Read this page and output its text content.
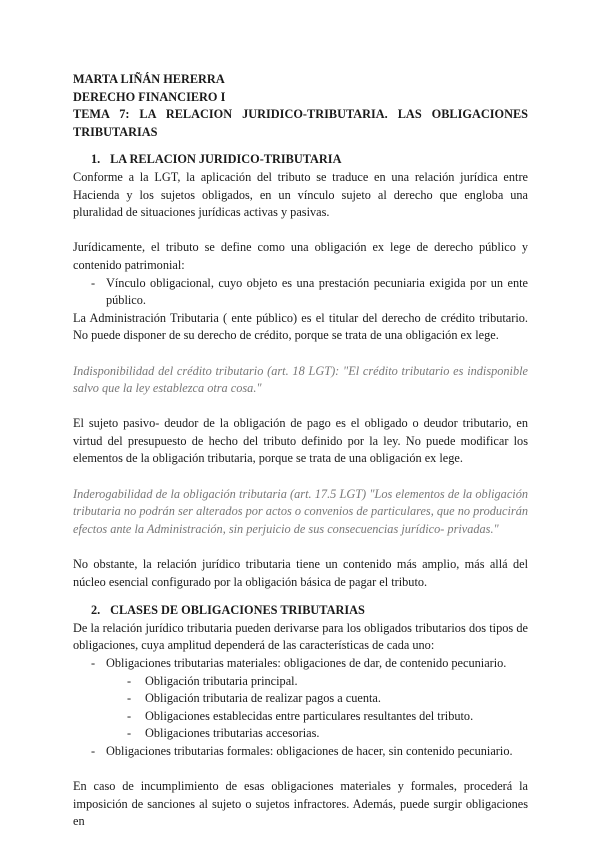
MARTA LIÑÁN HERERRA

DERECHO FINANCIERO I

TEMA 7: LA RELACION JURIDICO-TRIBUTARIA. LAS OBLIGACIONES TRIBUTARIAS

1. LA RELACION JURIDICO-TRIBUTARIA

Conforme a la LGT, la aplicación del tributo se traduce en una relación jurídica entre Hacienda y los sujetos obligados, en un vínculo sujeto al derecho que engloba una pluralidad de situaciones jurídicas activas y pasivas.

Jurídicamente, el tributo se define como una obligación ex lege de derecho público y contenido patrimonial:

- Vínculo obligacional, cuyo objeto es una prestación pecuniaria exigida por un ente público.

La Administración Tributaria ( ente público) es el titular del derecho de crédito tributario. No puede disponer de su derecho de crédito, porque se trata de una obligación ex lege.

Indisponibilidad del crédito tributario (art. 18 LGT): "El crédito tributario es indisponible salvo que la ley establezca otra cosa."

El sujeto pasivo- deudor de la obligación de pago es el obligado o deudor tributario, en virtud del presupuesto de hecho del tributo definido por la ley. No puede modificar los elementos de la obligación tributaria, porque se trata de una obligación ex lege.

Inderogabilidad de la obligación tributaria (art. 17.5 LGT) "Los elementos de la obligación tributaria no podrán ser alterados por actos o convenios de particulares, que no producirán efectos ante la Administración, sin perjuicio de sus consecuencias jurídico- privadas."

No obstante, la relación jurídico tributaria tiene un contenido más amplio, más allá del núcleo esencial configurado por la obligación básica de pagar el tributo.

2. CLASES DE OBLIGACIONES TRIBUTARIAS

De la relación jurídico tributaria pueden derivarse para los obligados tributarios dos tipos de obligaciones, cuya amplitud dependerá de las características de cada uno:

- Obligaciones tributarias materiales: obligaciones de dar, de contenido pecuniario.
- Obligación tributaria principal.
- Obligación tributaria de realizar pagos a cuenta.
- Obligaciones establecidas entre particulares resultantes del tributo.
- Obligaciones tributarias accesorias.
- Obligaciones tributarias formales: obligaciones de hacer, sin contenido pecuniario.

En caso de incumplimiento de esas obligaciones materiales y formales, procederá la imposición de sanciones al sujeto o sujetos infractores. Además, puede surgir obligaciones en
